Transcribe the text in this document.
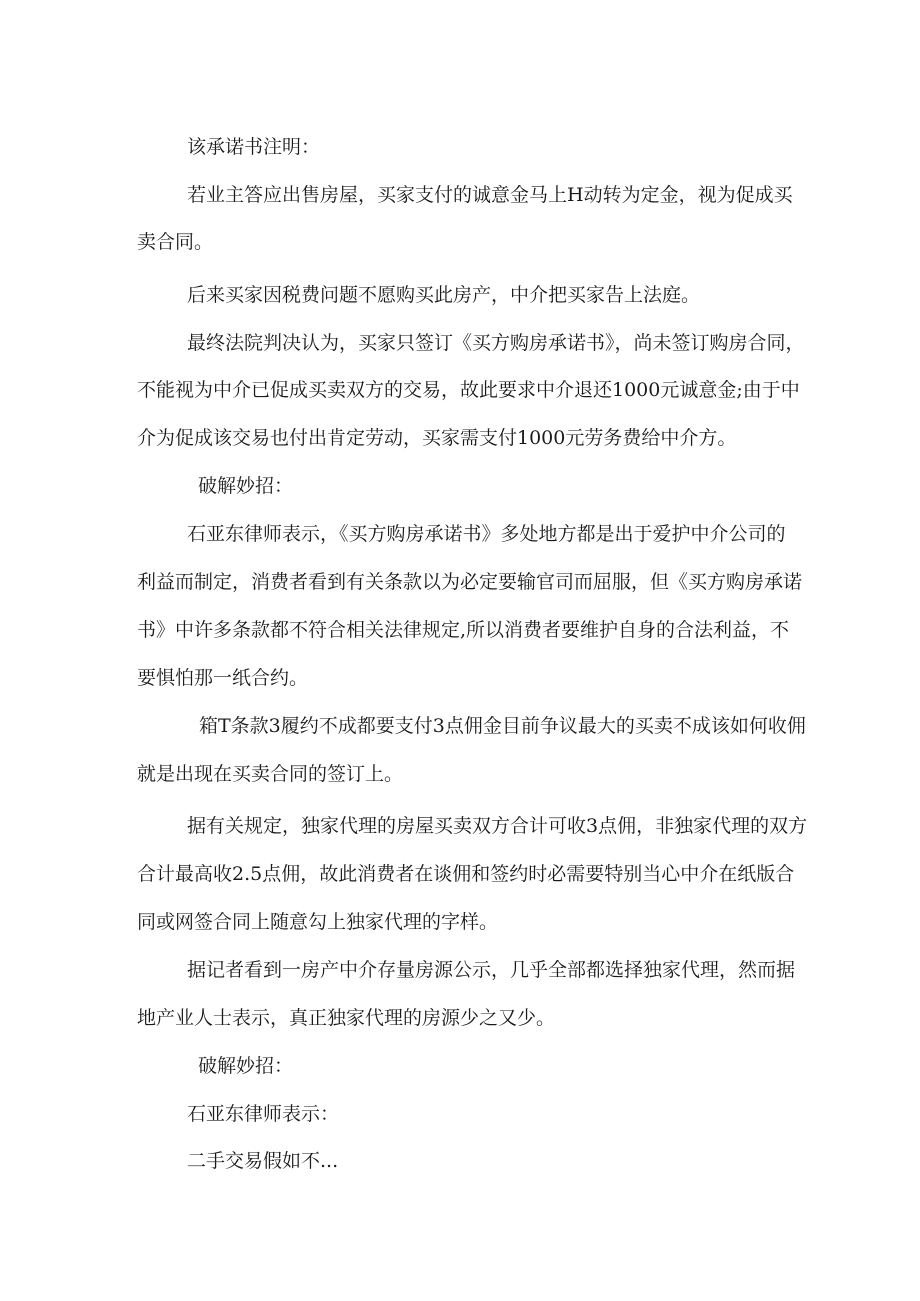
该承诺书注明：

若业主答应出售房屋，买家支付的诚意金马上H动转为定金，视为促成买

卖合同。

后来买家因税费问题不愿购买此房产，中介把买家告上法庭。

最终法院判决认为，买家只签订《买方购房承诺书》，尚未签订购房合同，

不能视为中介已促成买卖双方的交易，故此要求中介退还1000元诚意金;由于中

介为促成该交易也付出肯定劳动，买家需支付1000元劳务费给中介方。

破解妙招：

石亚东律师表示，《买方购房承诺书》多处地方都是出于爱护中介公司的

利益而制定，消费者看到有关条款以为必定要输官司而屈服，但《买方购房承诺

书》中许多条款都不符合相关法律规定,所以消费者要维护自身的合法利益，不

要惧怕那一纸合约。

箱T条款3履约不成都要支付3点佣金目前争议最大的买卖不成该如何收佣

就是出现在买卖合同的签订上。

据有关规定，独家代理的房屋买卖双方合计可收3点佣，非独家代理的双方

合计最高收2.5点佣，故此消费者在谈佣和签约时必需要特别当心中介在纸版合

同或网签合同上随意勾上独家代理的字样。

据记者看到一房产中介存量房源公示，几乎全部都选择独家代理，然而据

地产业人士表示，真正独家代理的房源少之又少。

破解妙招：

石亚东律师表示：

二手交易假如不...
